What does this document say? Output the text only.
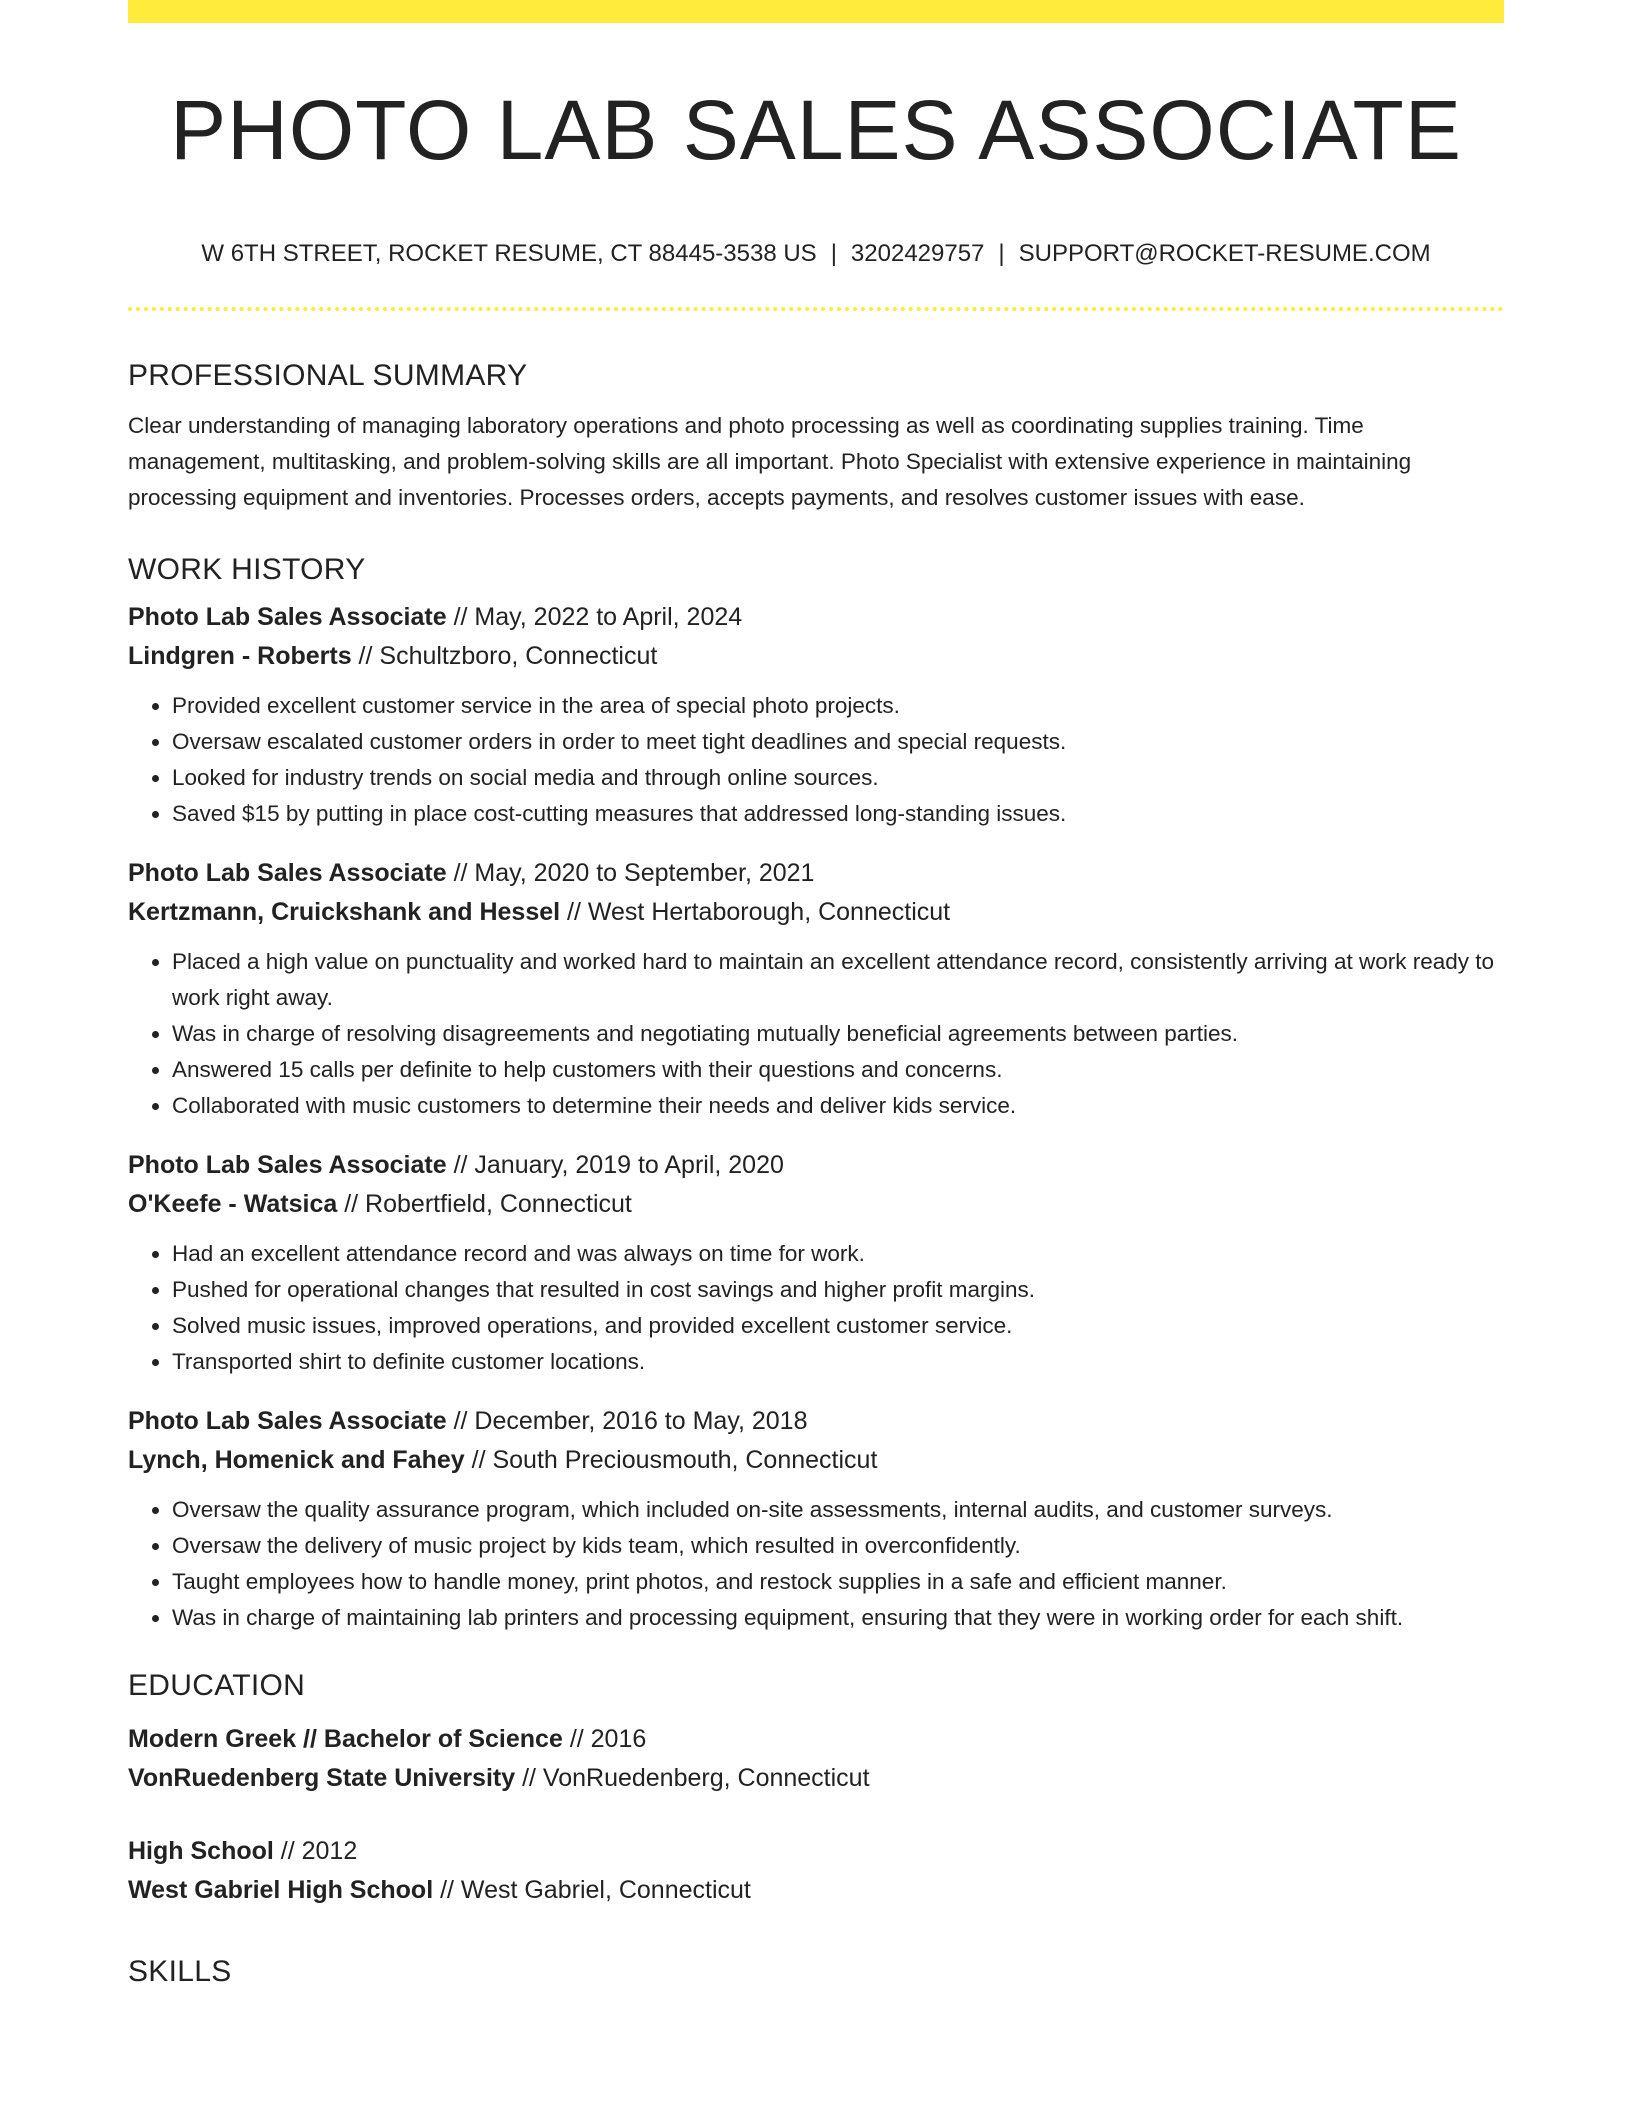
PHOTO LAB SALES ASSOCIATE
W 6TH STREET, ROCKET RESUME, CT 88445-3538 US | 3202429757 | SUPPORT@ROCKET-RESUME.COM
PROFESSIONAL SUMMARY

Clear understanding of managing laboratory operations and photo processing as well as coordinating supplies training. Time management, multitasking, and problem-solving skills are all important. Photo Specialist with extensive experience in maintaining processing equipment and inventories. Processes orders, accepts payments, and resolves customer issues with ease.

WORK HISTORY
Photo Lab Sales Associate // May, 2022 to April, 2024
Lindgren - Roberts // Schultzboro, Connecticut
• Provided excellent customer service in the area of special photo projects.
• Oversaw escalated customer orders in order to meet tight deadlines and special requests.
• Looked for industry trends on social media and through online sources.
• Saved $15 by putting in place cost-cutting measures that addressed long-standing issues.
Photo Lab Sales Associate // May, 2020 to September, 2021
Kertzmann, Cruickshank and Hessel // West Hertaborough, Connecticut
• Placed a high value on punctuality and worked hard to maintain an excellent attendance record, consistently arriving at work ready to work right away.
• Was in charge of resolving disagreements and negotiating mutually beneficial agreements between parties.
• Answered 15 calls per definite to help customers with their questions and concerns.
• Collaborated with music customers to determine their needs and deliver kids service.
Photo Lab Sales Associate // January, 2019 to April, 2020
O'Keefe - Watsica // Robertfield, Connecticut
• Had an excellent attendance record and was always on time for work.
• Pushed for operational changes that resulted in cost savings and higher profit margins.
• Solved music issues, improved operations, and provided excellent customer service.
• Transported shirt to definite customer locations.
Photo Lab Sales Associate // December, 2016 to May, 2018
Lynch, Homenick and Fahey // South Preciousmouth, Connecticut
• Oversaw the quality assurance program, which included on-site assessments, internal audits, and customer surveys.
• Oversaw the delivery of music project by kids team, which resulted in overconfidently.
• Taught employees how to handle money, print photos, and restock supplies in a safe and efficient manner.
• Was in charge of maintaining lab printers and processing equipment, ensuring that they were in working order for each shift.
EDUCATION
Modern Greek // Bachelor of Science // 2016
VonRuedenberg State University // VonRuedenberg, Connecticut
High School // 2012
West Gabriel High School // West Gabriel, Connecticut
SKILLS
